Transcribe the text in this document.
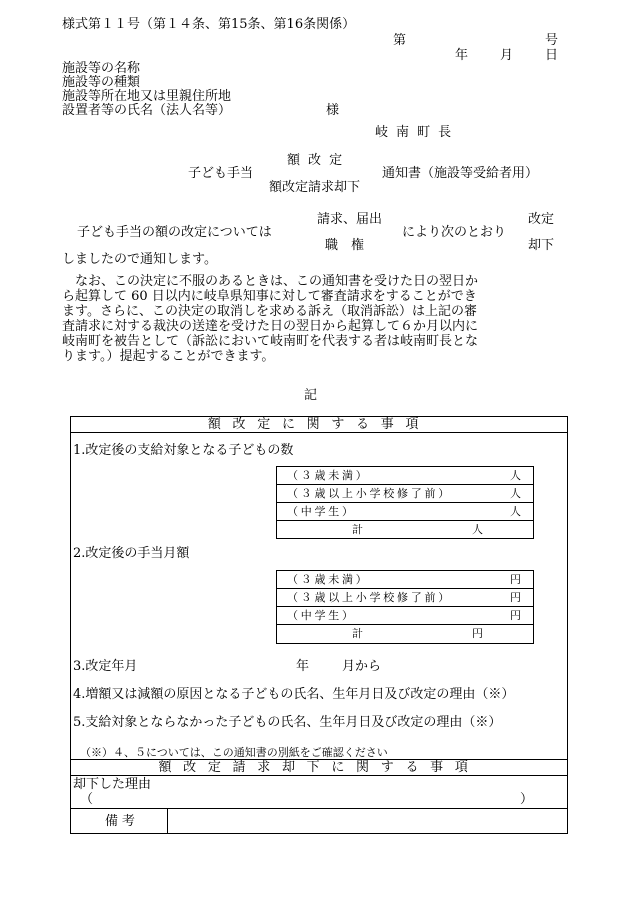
様式第１１号（第１４条、第15条、第16条関係）
第	号
年 月 日
施設等の名称
施設等の種類
施設等所在地又は里親住所地
設置者等の氏名（法人名等）	様
岐 南 町 長
額 改 定
子ども手当	通知書（施設等受給者用）
額改定請求却下
請求、届出	改定
子ども手当の額の改定については	により次のとおり
職　権	却下
しましたので通知します。
　なお、この決定に不服のあるときは、この通知書を受けた日の翌日か
ら起算して 60 日以内に岐阜県知事に対して審査請求をすることができ
ます。さらに、この決定の取消しを求める訴え（取消訴訟）は上記の審
査請求に対する裁決の送達を受けた日の翌日から起算して６か月以内に
岐南町を被告として（訴訟において岐南町を代表する者は岐南町長とな
ります。）提起することができます。
記
額改定に関する事項
1.改定後の支給対象となる子どもの数
（３歳未満）	人
（３歳以上小学校修了前）	人
（中学生）	人
計	人
2.改定後の手当月額
（３歳未満）	円
（３歳以上小学校修了前）	円
（中学生）	円
計	円
3.改定年月	年	月から
4.増額又は減額の原因となる子どもの氏名、生年月日及び改定の理由（※）
5.支給対象とならなかった子どもの氏名、生年月日及び改定の理由（※）
（※）４、５については、この通知書の別紙をご確認ください
額改定請求却下に関する事項
却下した理由
（	）
備考
